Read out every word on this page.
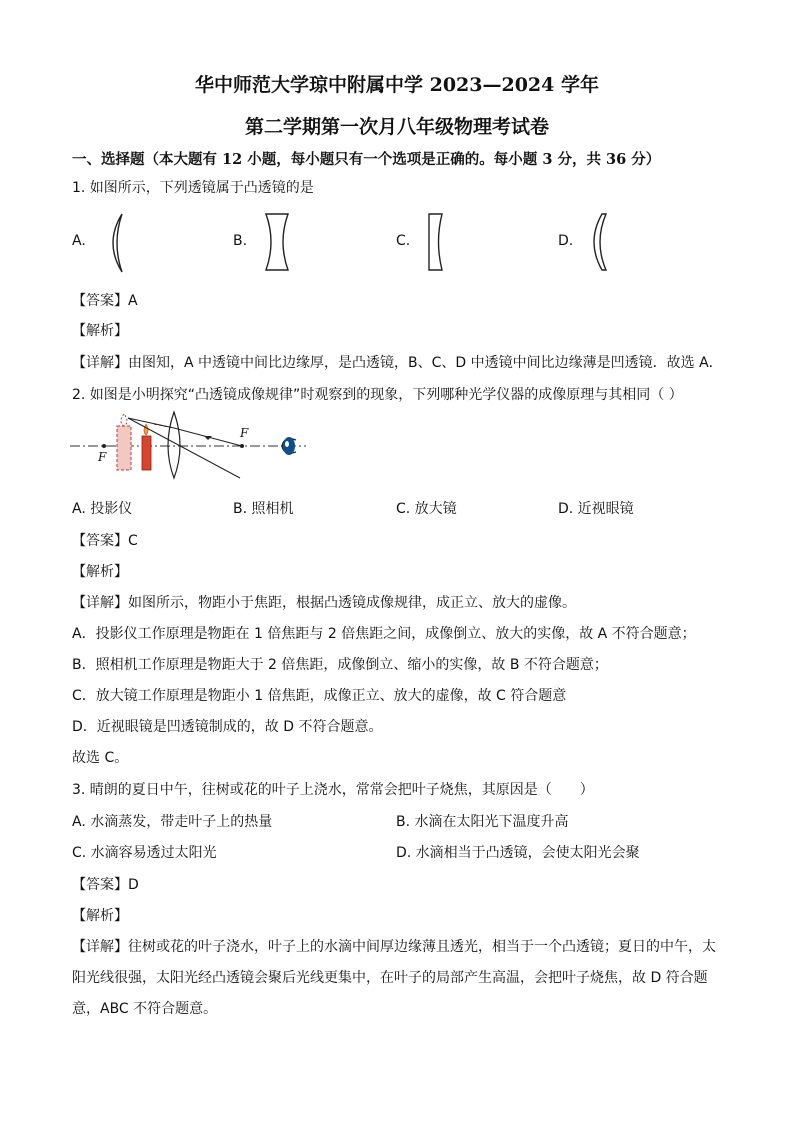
华中师范大学琼中附属中学 2023—2024 学年
第二学期第一次月八年级物理考试卷
一、选择题（本大题有 12 小题，每小题只有一个选项是正确的。每小题 3 分，共 36 分）
1. 如图所示，下列透镜属于凸透镜的是
A.	B.	C.	D.
【答案】A
【解析】
【详解】由图知，A 中透镜中间比边缘厚，是凸透镜，B、C、D 中透镜中间比边缘薄是凹透镜．故选 A．
2. 如图是小明探究“凸透镜成像规律”时观察到的现象，下列哪种光学仪器的成像原理与其相同（ ）
F
F
A. 投影仪	B. 照相机	C. 放大镜	D. 近视眼镜
【答案】C
【解析】
【详解】如图所示，物距小于焦距，根据凸透镜成像规律，成正立、放大的虚像。
A．投影仪工作原理是物距在 1 倍焦距与 2 倍焦距之间，成像倒立、放大的实像，故 A 不符合题意；
B．照相机工作原理是物距大于 2 倍焦距，成像倒立、缩小的实像，故 B 不符合题意；
C．放大镜工作原理是物距小 1 倍焦距，成像正立、放大的虚像，故 C 符合题意
D．近视眼镜是凹透镜制成的，故 D 不符合题意。
故选 C。
3. 晴朗的夏日中午，往树或花的叶子上浇水，常常会把叶子烧焦，其原因是（　　）
A. 水滴蒸发，带走叶子上的热量	B. 水滴在太阳光下温度升高
C. 水滴容易透过太阳光	D. 水滴相当于凸透镜，会使太阳光会聚
【答案】D
【解析】
【详解】往树或花的叶子浇水，叶子上的水滴中间厚边缘薄且透光，相当于一个凸透镜；夏日的中午，太
阳光线很强，太阳光经凸透镜会聚后光线更集中，在叶子的局部产生高温，会把叶子烧焦，故 D 符合题
意，ABC 不符合题意。
